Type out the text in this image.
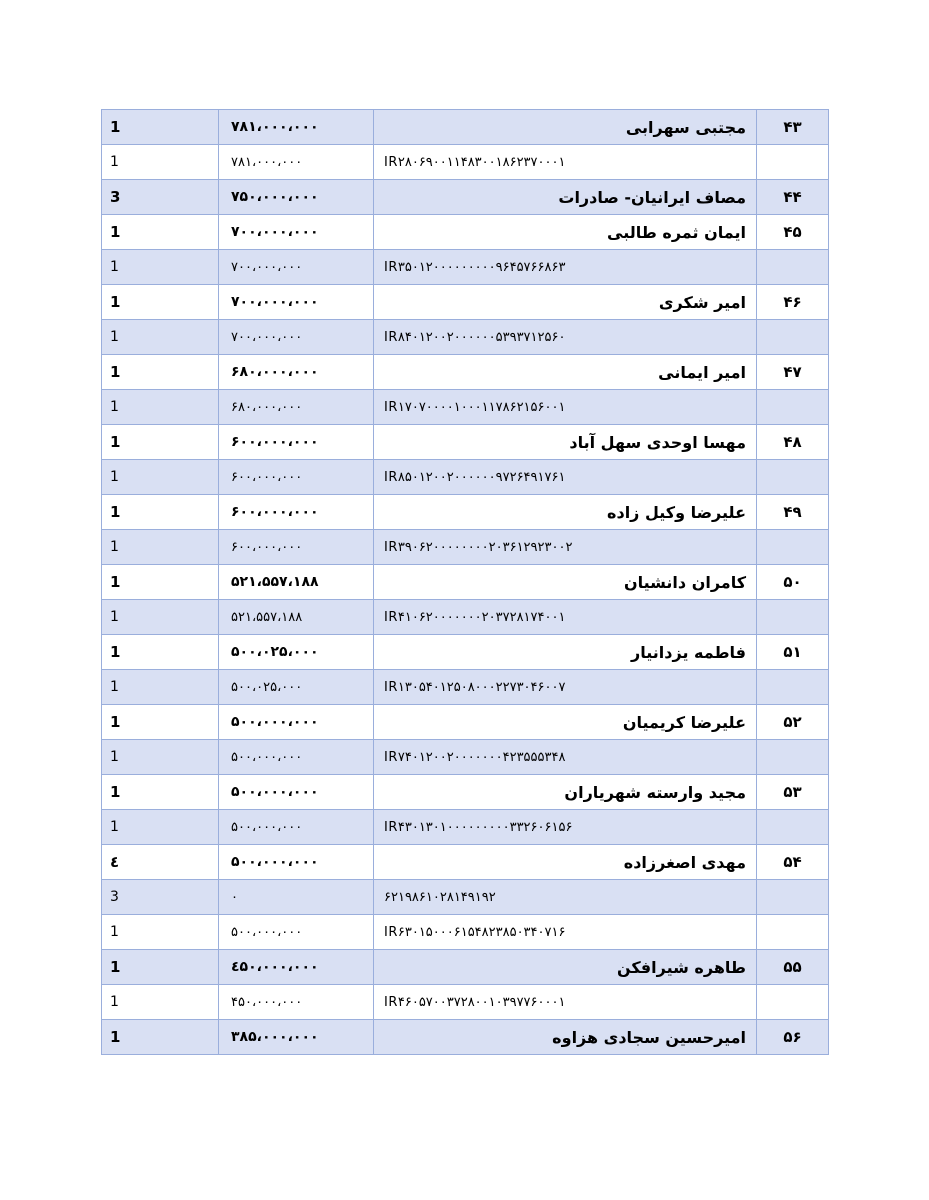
1	۷۸۱،۰۰۰،۰۰۰	مجتبی سهرابی	۴۳
1	۷۸۱،۰۰۰،۰۰۰	IR۲۸۰۶۹۰۰۱۱۴۸۳۰۰۱۸۶۲۳۷۰۰۰۱	
3	۷۵۰،۰۰۰،۰۰۰	مصاف ایرانیان- صادرات	۴۴
1	۷۰۰،۰۰۰،۰۰۰	ایمان ثمره طالبی	۴۵
1	۷۰۰،۰۰۰،۰۰۰	IR۳۵۰۱۲۰۰۰۰۰۰۰۰۰۹۶۴۵۷۶۶۸۶۳	
1	۷۰۰،۰۰۰،۰۰۰	امیر شکری	۴۶
1	۷۰۰،۰۰۰،۰۰۰	IR۸۴۰۱۲۰۰۲۰۰۰۰۰۰۵۳۹۳۷۱۲۵۶۰	
1	۶۸۰،۰۰۰،۰۰۰	امیر ایمانی	۴۷
1	۶۸۰،۰۰۰،۰۰۰	IR۱۷۰۷۰۰۰۰۱۰۰۰۱۱۷۸۶۲۱۵۶۰۰۱	
1	۶۰۰،۰۰۰،۰۰۰	مهسا اوحدی سهل آباد	۴۸
1	۶۰۰،۰۰۰،۰۰۰	IR۸۵۰۱۲۰۰۲۰۰۰۰۰۰۹۷۲۶۴۹۱۷۶۱	
1	۶۰۰،۰۰۰،۰۰۰	علیرضا وکیل زاده	۴۹
1	۶۰۰،۰۰۰،۰۰۰	IR۳۹۰۶۲۰۰۰۰۰۰۰۰۲۰۳۶۱۲۹۲۳۰۰۲	
1	۵۲۱،۵۵۷،۱۸۸	کامران دانشیان	۵۰
1	۵۲۱،۵۵۷،۱۸۸	IR۴۱۰۶۲۰۰۰۰۰۰۰۲۰۳۷۲۸۱۷۴۰۰۱	
1	۵۰۰،۰۲۵،۰۰۰	فاطمه یزدانیار	۵۱
1	۵۰۰،۰۲۵،۰۰۰	IR۱۳۰۵۴۰۱۲۵۰۸۰۰۰۲۲۷۳۰۴۶۰۰۷	
1	۵۰۰،۰۰۰،۰۰۰	علیرضا کریمیان	۵۲
1	۵۰۰،۰۰۰،۰۰۰	IR۷۴۰۱۲۰۰۲۰۰۰۰۰۰۰۴۲۳۵۵۵۳۴۸	
1	۵۰۰،۰۰۰،۰۰۰	مجید وارسته شهریاران	۵۳
1	۵۰۰،۰۰۰،۰۰۰	IR۴۳۰۱۳۰۱۰۰۰۰۰۰۰۰۰۳۳۲۶۰۶۱۵۶	
٤	۵۰۰،۰۰۰،۰۰۰	مهدی اصغرزاده	۵۴
3	۰	۶۲۱۹۸۶۱۰۲۸۱۴۹۱۹۲	
1	۵۰۰،۰۰۰،۰۰۰	IR۶۳۰۱۵۰۰۰۶۱۵۴۸۲۳۸۵۰۳۴۰۷۱۶	
1	٤۵۰،۰۰۰،۰۰۰	طاهره شیرافکن	۵۵
1	۴۵۰،۰۰۰،۰۰۰	IR۴۶۰۵۷۰۰۳۷۲۸۰۰۱۰۳۹۷۷۶۰۰۰۱	
1	۳۸۵،۰۰۰،۰۰۰	امیرحسین سجادی هزاوه	۵۶
